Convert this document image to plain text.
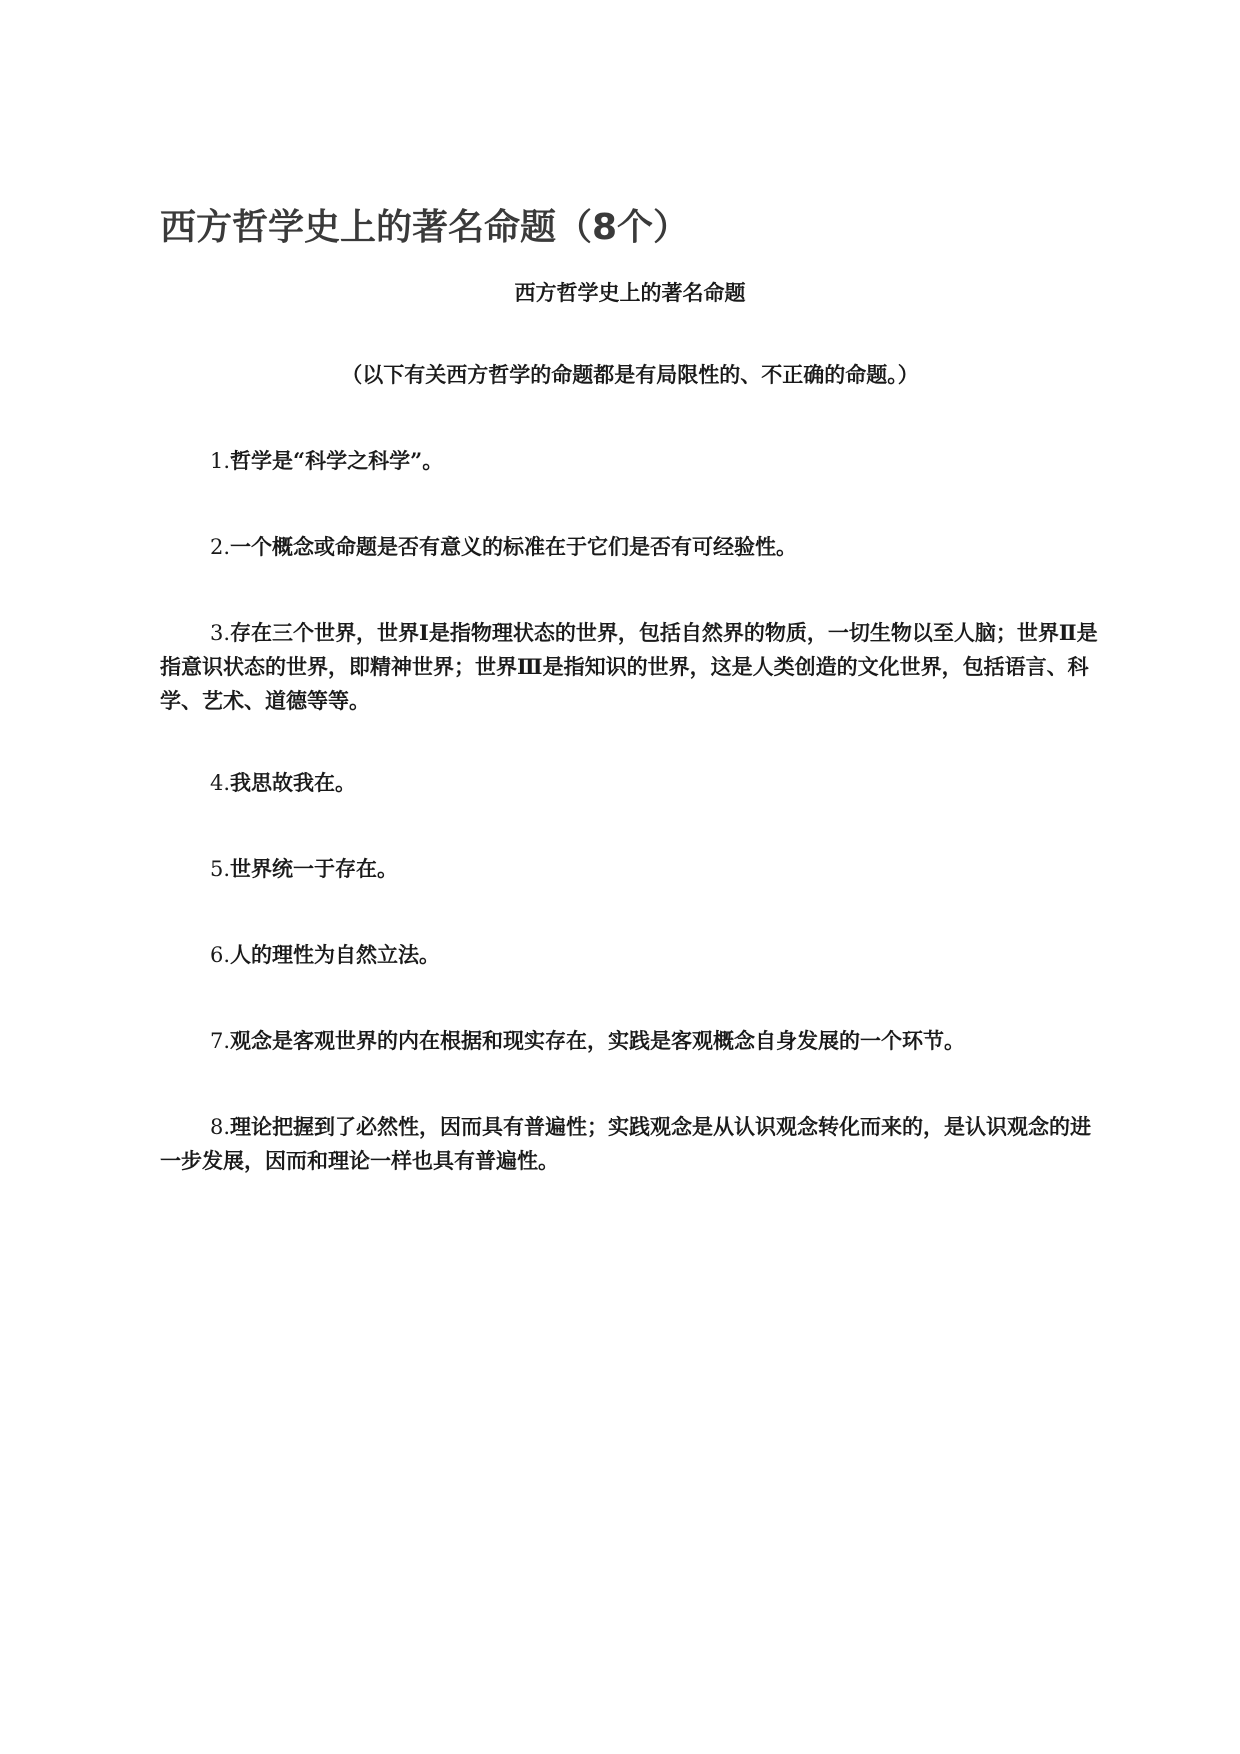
西方哲学史上的著名命题（8个）

西方哲学史上的著名命题

（以下有关西方哲学的命题都是有局限性的、不正确的命题。）

1.哲学是“科学之科学”。

2.一个概念或命题是否有意义的标准在于它们是否有可经验性。

3.存在三个世界，世界Ⅰ是指物理状态的世界，包括自然界的物质，一切生物以至人脑；世界Ⅱ是指意识状态的世界，即精神世界；世界Ⅲ是指知识的世界，这是人类创造的文化世界，包括语言、科学、艺术、道德等等。

4.我思故我在。

5.世界统一于存在。

6.人的理性为自然立法。

7.观念是客观世界的内在根据和现实存在，实践是客观概念自身发展的一个环节。

8.理论把握到了必然性，因而具有普遍性；实践观念是从认识观念转化而来的，是认识观念的进一步发展，因而和理论一样也具有普遍性。
